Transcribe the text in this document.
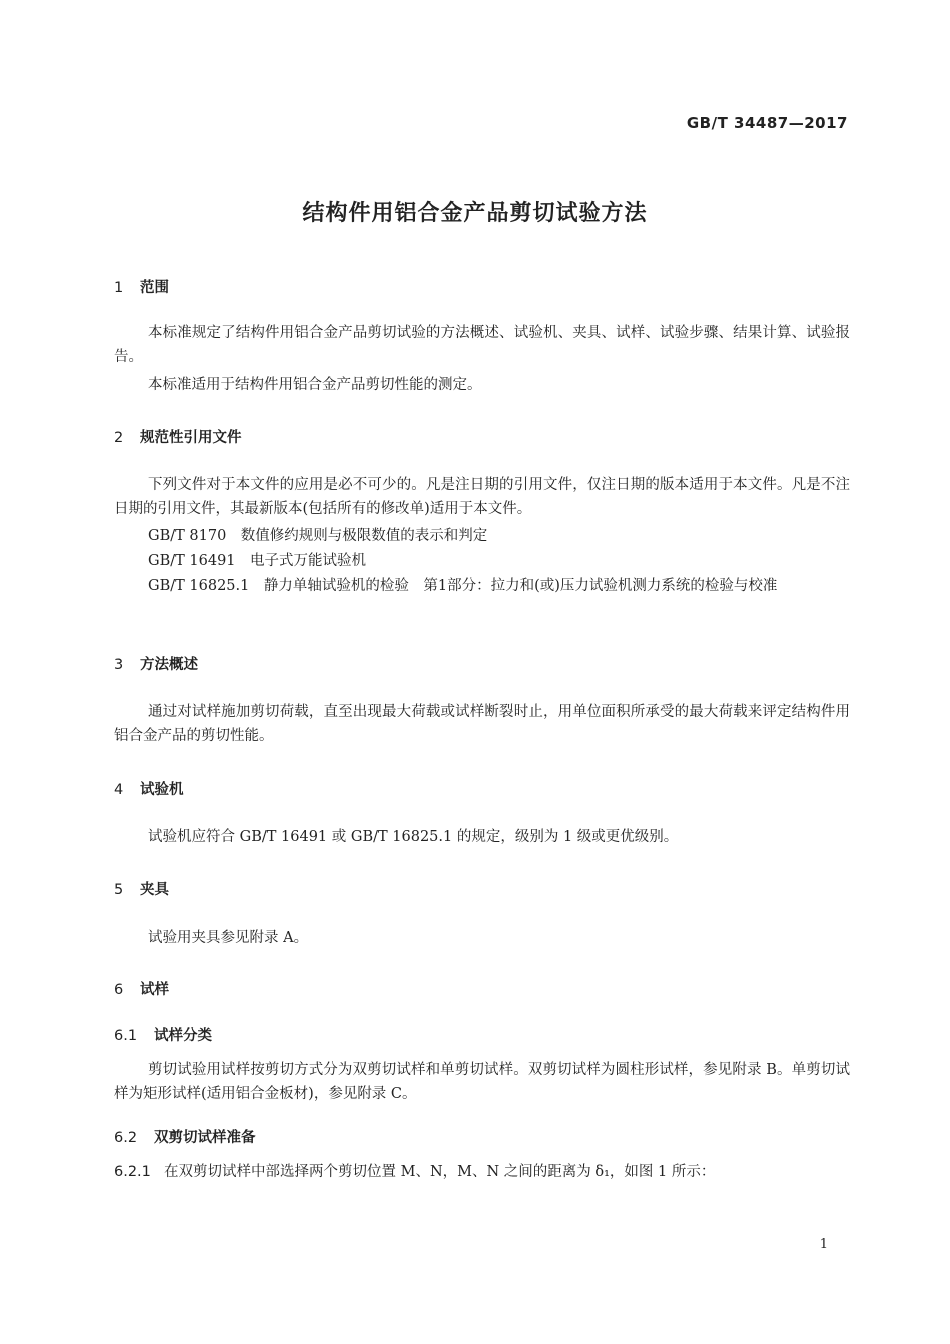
GB/T 34487—2017
结构件用铝合金产品剪切试验方法
1 范围
本标准规定了结构件用铝合金产品剪切试验的方法概述、试验机、夹具、试样、试验步骤、结果计算、试验报告。
本标准适用于结构件用铝合金产品剪切性能的测定。
2 规范性引用文件
下列文件对于本文件的应用是必不可少的。凡是注日期的引用文件，仅注日期的版本适用于本文件。凡是不注日期的引用文件，其最新版本(包括所有的修改单)适用于本文件。
GB/T 8170　数值修约规则与极限数值的表示和判定
GB/T 16491　电子式万能试验机
GB/T 16825.1　静力单轴试验机的检验　第1部分：拉力和(或)压力试验机测力系统的检验与校准
3 方法概述
通过对试样施加剪切荷载，直至出现最大荷载或试样断裂时止，用单位面积所承受的最大荷载来评定结构件用铝合金产品的剪切性能。
4 试验机
试验机应符合 GB/T 16491 或 GB/T 16825.1 的规定，级别为 1 级或更优级别。
5 夹具
试验用夹具参见附录 A。
6 试样
6.1 试样分类
剪切试验用试样按剪切方式分为双剪切试样和单剪切试样。双剪切试样为圆柱形试样，参见附录 B。单剪切试样为矩形试样(适用铝合金板材)，参见附录 C。
6.2 双剪切试样准备
6.2.1 在双剪切试样中部选择两个剪切位置 M、N，M、N 之间的距离为 δ₁，如图 1 所示：
1
